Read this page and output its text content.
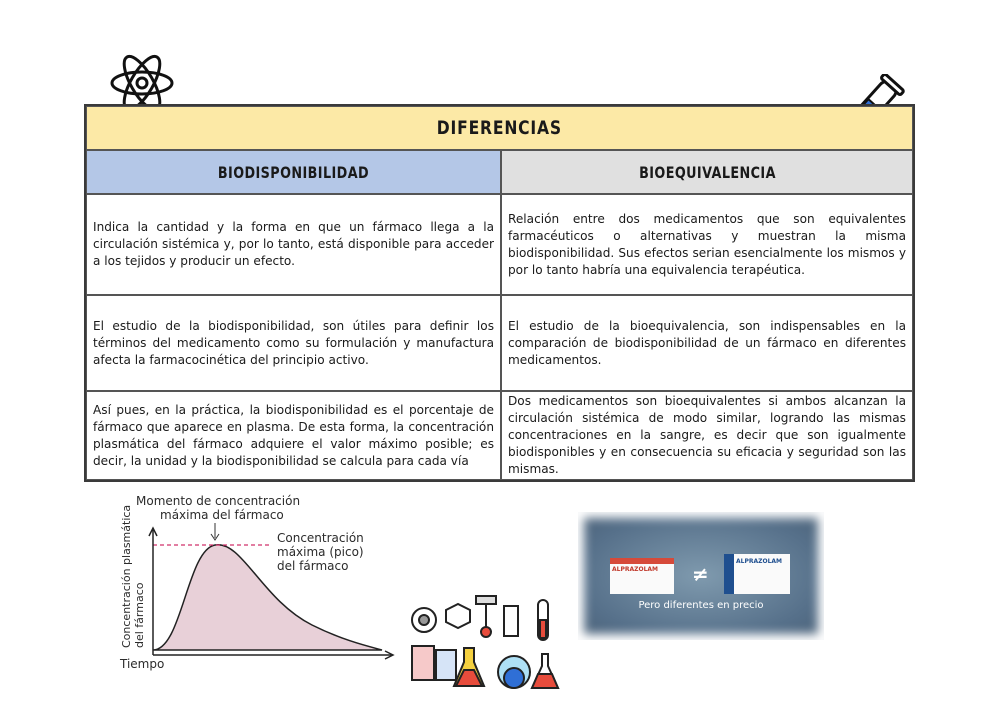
DIFERENCIAS
BIODISPONIBILIDAD	BIOEQUIVALENCIA

Indica la cantidad y la forma en que un fármaco llega a la circulación sistémica y, por lo tanto, está disponible para acceder a los tejidos y producir un efecto.

Relación entre dos medicamentos que son equivalentes farmacéuticos o alternativas y muestran la misma biodisponibilidad. Sus efectos serian esencialmente los mismos y por lo tanto habría una equivalencia terapéutica.

El estudio de la biodisponibilidad, son útiles para definir los términos del medicamento como su formulación y manufactura afecta la farmacocinética del principio activo.

El estudio de la bioequivalencia, son indispensables en la comparación de biodisponibilidad de un fármaco en diferentes medicamentos.

Así pues, en la práctica, la biodisponibilidad es el porcentaje de fármaco que aparece en plasma. De esta forma, la concentración plasmática del fármaco adquiere el valor máximo posible; es decir, la unidad y la biodisponibilidad se calcula para cada vía

Dos medicamentos son bioequivalentes si ambos alcanzan la circulación sistémica de modo similar, logrando las mismas concentraciones en la sangre, es decir que son igualmente biodisponibles y en consecuencia su eficacia y seguridad son las mismas.

Momento de concentración
máxima del fármaco
Concentración
máxima (pico)
del fármaco
Concentración plasmática del fármaco
Tiempo
ALPRAZOLAM ≠
ALPRAZOLAM
Pero diferentes en precio
